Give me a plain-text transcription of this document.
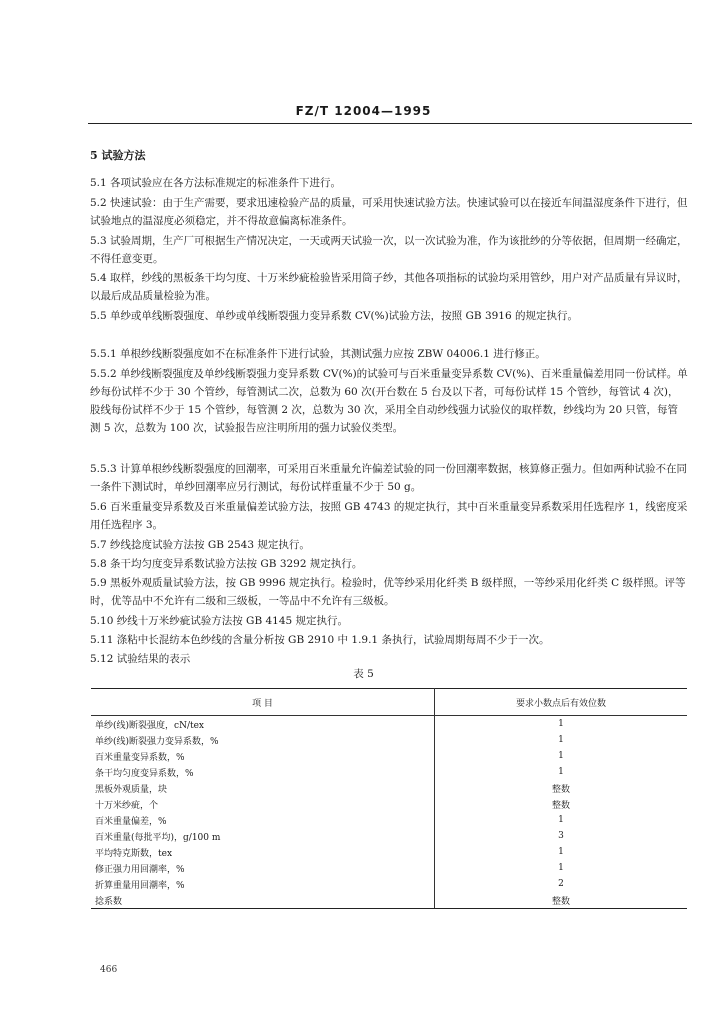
FZ/T 12004—1995
5 试验方法
5.1 各项试验应在各方法标准规定的标准条件下进行。
5.2 快速试验：由于生产需要，要求迅速检验产品的质量，可采用快速试验方法。快速试验可以在接近车间温湿度条件下进行，但试验地点的温湿度必须稳定，并不得故意偏离标准条件。
5.3 试验周期，生产厂可根据生产情况决定，一天或两天试验一次，以一次试验为准，作为该批纱的分等依据，但周期一经确定，不得任意变更。
5.4 取样，纱线的黑板条干均匀度、十万米纱疵检验皆采用筒子纱，其他各项指标的试验均采用管纱，用户对产品质量有异议时，以最后成品质量检验为准。
5.5 单纱或单线断裂强度、单纱或单线断裂强力变异系数 CV(%)试验方法，按照 GB 3916 的规定执行。
5.5.1 单根纱线断裂强度如不在标准条件下进行试验，其测试强力应按 ZBW 04006.1 进行修正。
5.5.2 单纱线断裂强度及单纱线断裂强力变异系数 CV(%)的试验可与百米重量变异系数 CV(%)、百米重量偏差用同一份试样。单纱每份试样不少于 30 个管纱，每管测试二次，总数为 60 次(开台数在 5 台及以下者，可每份试样 15 个管纱，每管试 4 次)，股线每份试样不少于 15 个管纱，每管测 2 次，总数为 30 次，采用全自动纱线强力试验仪的取样数，纱线均为 20 只管，每管测 5 次，总数为 100 次，试验报告应注明所用的强力试验仪类型。
5.5.3 计算单根纱线断裂强度的回潮率，可采用百米重量允许偏差试验的同一份回潮率数据，核算修正强力。但如两种试验不在同一条件下测试时，单纱回潮率应另行测试，每份试样重量不少于 50 g。
5.6 百米重量变异系数及百米重量偏差试验方法，按照 GB 4743 的规定执行，其中百米重量变异系数采用任选程序 1，线密度采用任选程序 3。
5.7 纱线捻度试验方法按 GB 2543 规定执行。
5.8 条干均匀度变异系数试验方法按 GB 3292 规定执行。
5.9 黑板外观质量试验方法，按 GB 9996 规定执行。检验时，优等纱采用化纤类 B 级样照，一等纱采用化纤类 C 级样照。评等时，优等品中不允许有二级和三级板，一等品中不允许有三级板。
5.10 纱线十万米纱疵试验方法按 GB 4145 规定执行。
5.11 涤粘中长混纺本色纱线的含量分析按 GB 2910 中 1.9.1 条执行，试验周期每周不少于一次。
5.12 试验结果的表示
表 5
项 目	要求小数点后有效位数
单纱(线)断裂强度，cN/tex	1
单纱(线)断裂强力变异系数，%	1
百米重量变异系数，%	1
条干均匀度变异系数，%	1
黑板外观质量，块	整数
十万米纱疵，个	整数
百米重量偏差，%	1
百米重量(每批平均)，g/100 m	3
平均特克斯数，tex	1
修正强力用回潮率，%	1
折算重量用回潮率，%	2
捻系数	整数
466
